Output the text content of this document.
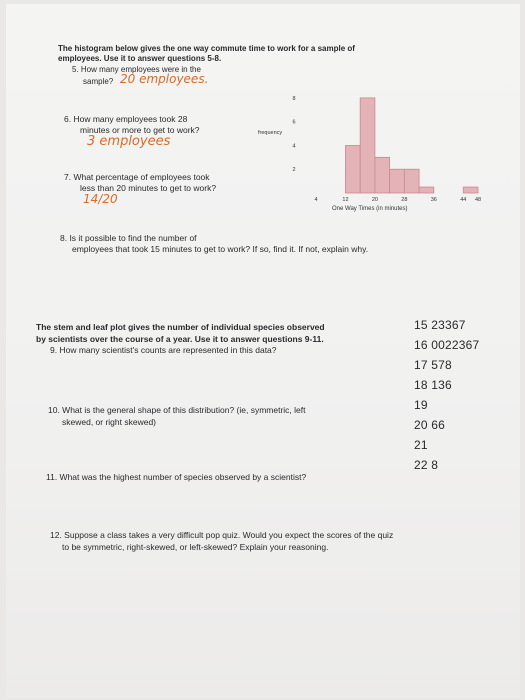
The histogram below gives the one way commute time to work for a sample of
employees. Use it to answer questions 5-8.
5. How many employees were in the
sample? 20 employees.
6. How many employees took 28
minutes or more to get to work?
3 employees
7. What percentage of employees took
less than 20 minutes to get to work?
14/20
2
4
6
8
4	12	20	28	36	44 48
frequency
One Way Times (in minutes)
8. Is it possible to find the number of
employees that took 15 minutes to get to work? If so, find it. If not, explain why.
The stem and leaf plot gives the number of individual species observed
by scientists over the course of a year. Use it to answer questions 9-11.
9. How many scientist's counts are represented in this data?
10. What is the general shape of this distribution? (ie, symmetric, left
skewed, or right skewed)
11. What was the highest number of species observed by a scientist?
15 23367
16 0022367
17 578
18 136
19
20 66
21
22 8
12. Suppose a class takes a very difficult pop quiz. Would you expect the scores of the quiz
to be symmetric, right-skewed, or left-skewed? Explain your reasoning.
